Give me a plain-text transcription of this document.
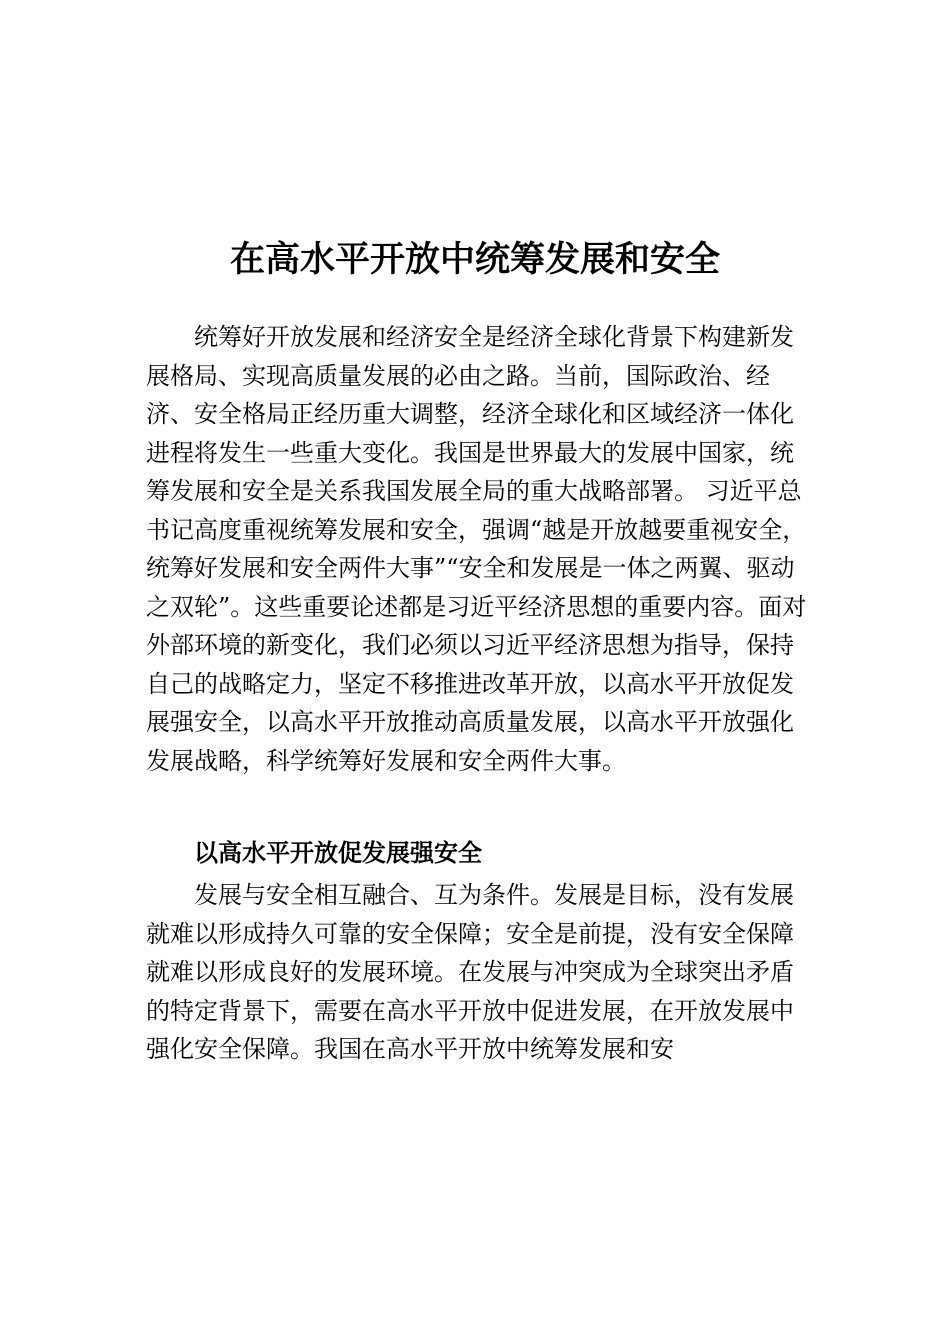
在高水平开放中统筹发展和安全

统筹好开放发展和经济安全是经济全球化背景下构建新发展格局、实现高质量发展的必由之路。当前，国际政治、经济、安全格局正经历重大调整，经济全球化和区域经济一体化进程将发生一些重大变化。我国是世界最大的发展中国家，统筹发展和安全是关系我国发展全局的重大战略部署。 习近平总书记高度重视统筹发展和安全，强调“越是开放越要重视安全，统筹好发展和安全两件大事”“安全和发展是一体之两翼、驱动之双轮”。这些重要论述都是习近平经济思想的重要内容。面对外部环境的新变化，我们必须以习近平经济思想为指导，保持自己的战略定力，坚定不移推进改革开放，以高水平开放促发展强安全，以高水平开放推动高质量发展，以高水平开放强化发展战略，科学统筹好发展和安全两件大事。

以高水平开放促发展强安全

发展与安全相互融合、互为条件。发展是目标，没有发展就难以形成持久可靠的安全保障；安全是前提，没有安全保障就难以形成良好的发展环境。在发展与冲突成为全球突出矛盾的特定背景下，需要在高水平开放中促进发展，在开放发展中强化安全保障。我国在高水平开放中统筹发展和安
